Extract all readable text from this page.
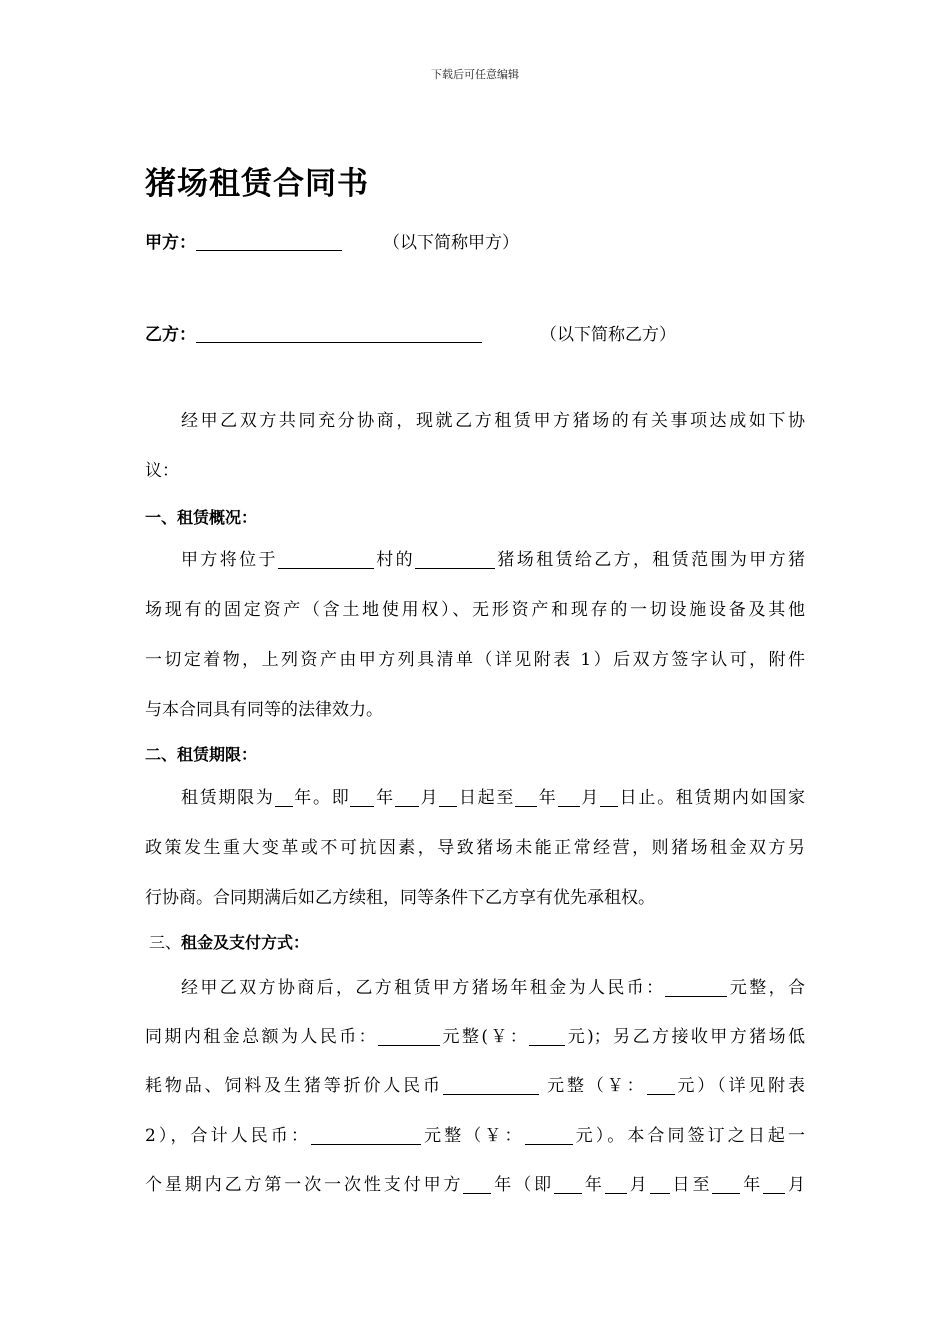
下载后可任意编辑
猪场租赁合同书
甲方：	（以下简称甲方）
乙方：	（以下简称乙方）
经甲乙双方共同充分协商，现就乙方租赁甲方猪场的有关事项达成如下协
议：
一、租赁概况：
甲方将位于	村的	猪场租赁给乙方，租赁范围为甲方猪
场现有的固定资产（含土地使用权）、无形资产和现存的一切设施设备及其他
一切定着物，上列资产由甲方列具清单（详见附表 1）后双方签字认可，附件
与本合同具有同等的法律效力。
二、租赁期限：
租赁期限为 年。即 年 月 日起至 年 月 日止。租赁期内如国家
政策发生重大变革或不可抗因素，导致猪场未能正常经营，则猪场租金双方另
行协商。合同期满后如乙方续租，同等条件下乙方享有优先承租权。
三、租金及支付方式：
经甲乙双方协商后，乙方租赁甲方猪场年租金为人民币：	元整，合
同期内租金总额为人民币：	元整(￥： 元)；另乙方接收甲方猪场低
耗物品、饲料及生猪等折价人民币	元整（￥： 元）（详见附表
2），合计人民币：	元整（￥：	元）。本合同签订之日起一
个星期内乙方第一次一次性支付甲方 年（即 年 月 日至 年 月
